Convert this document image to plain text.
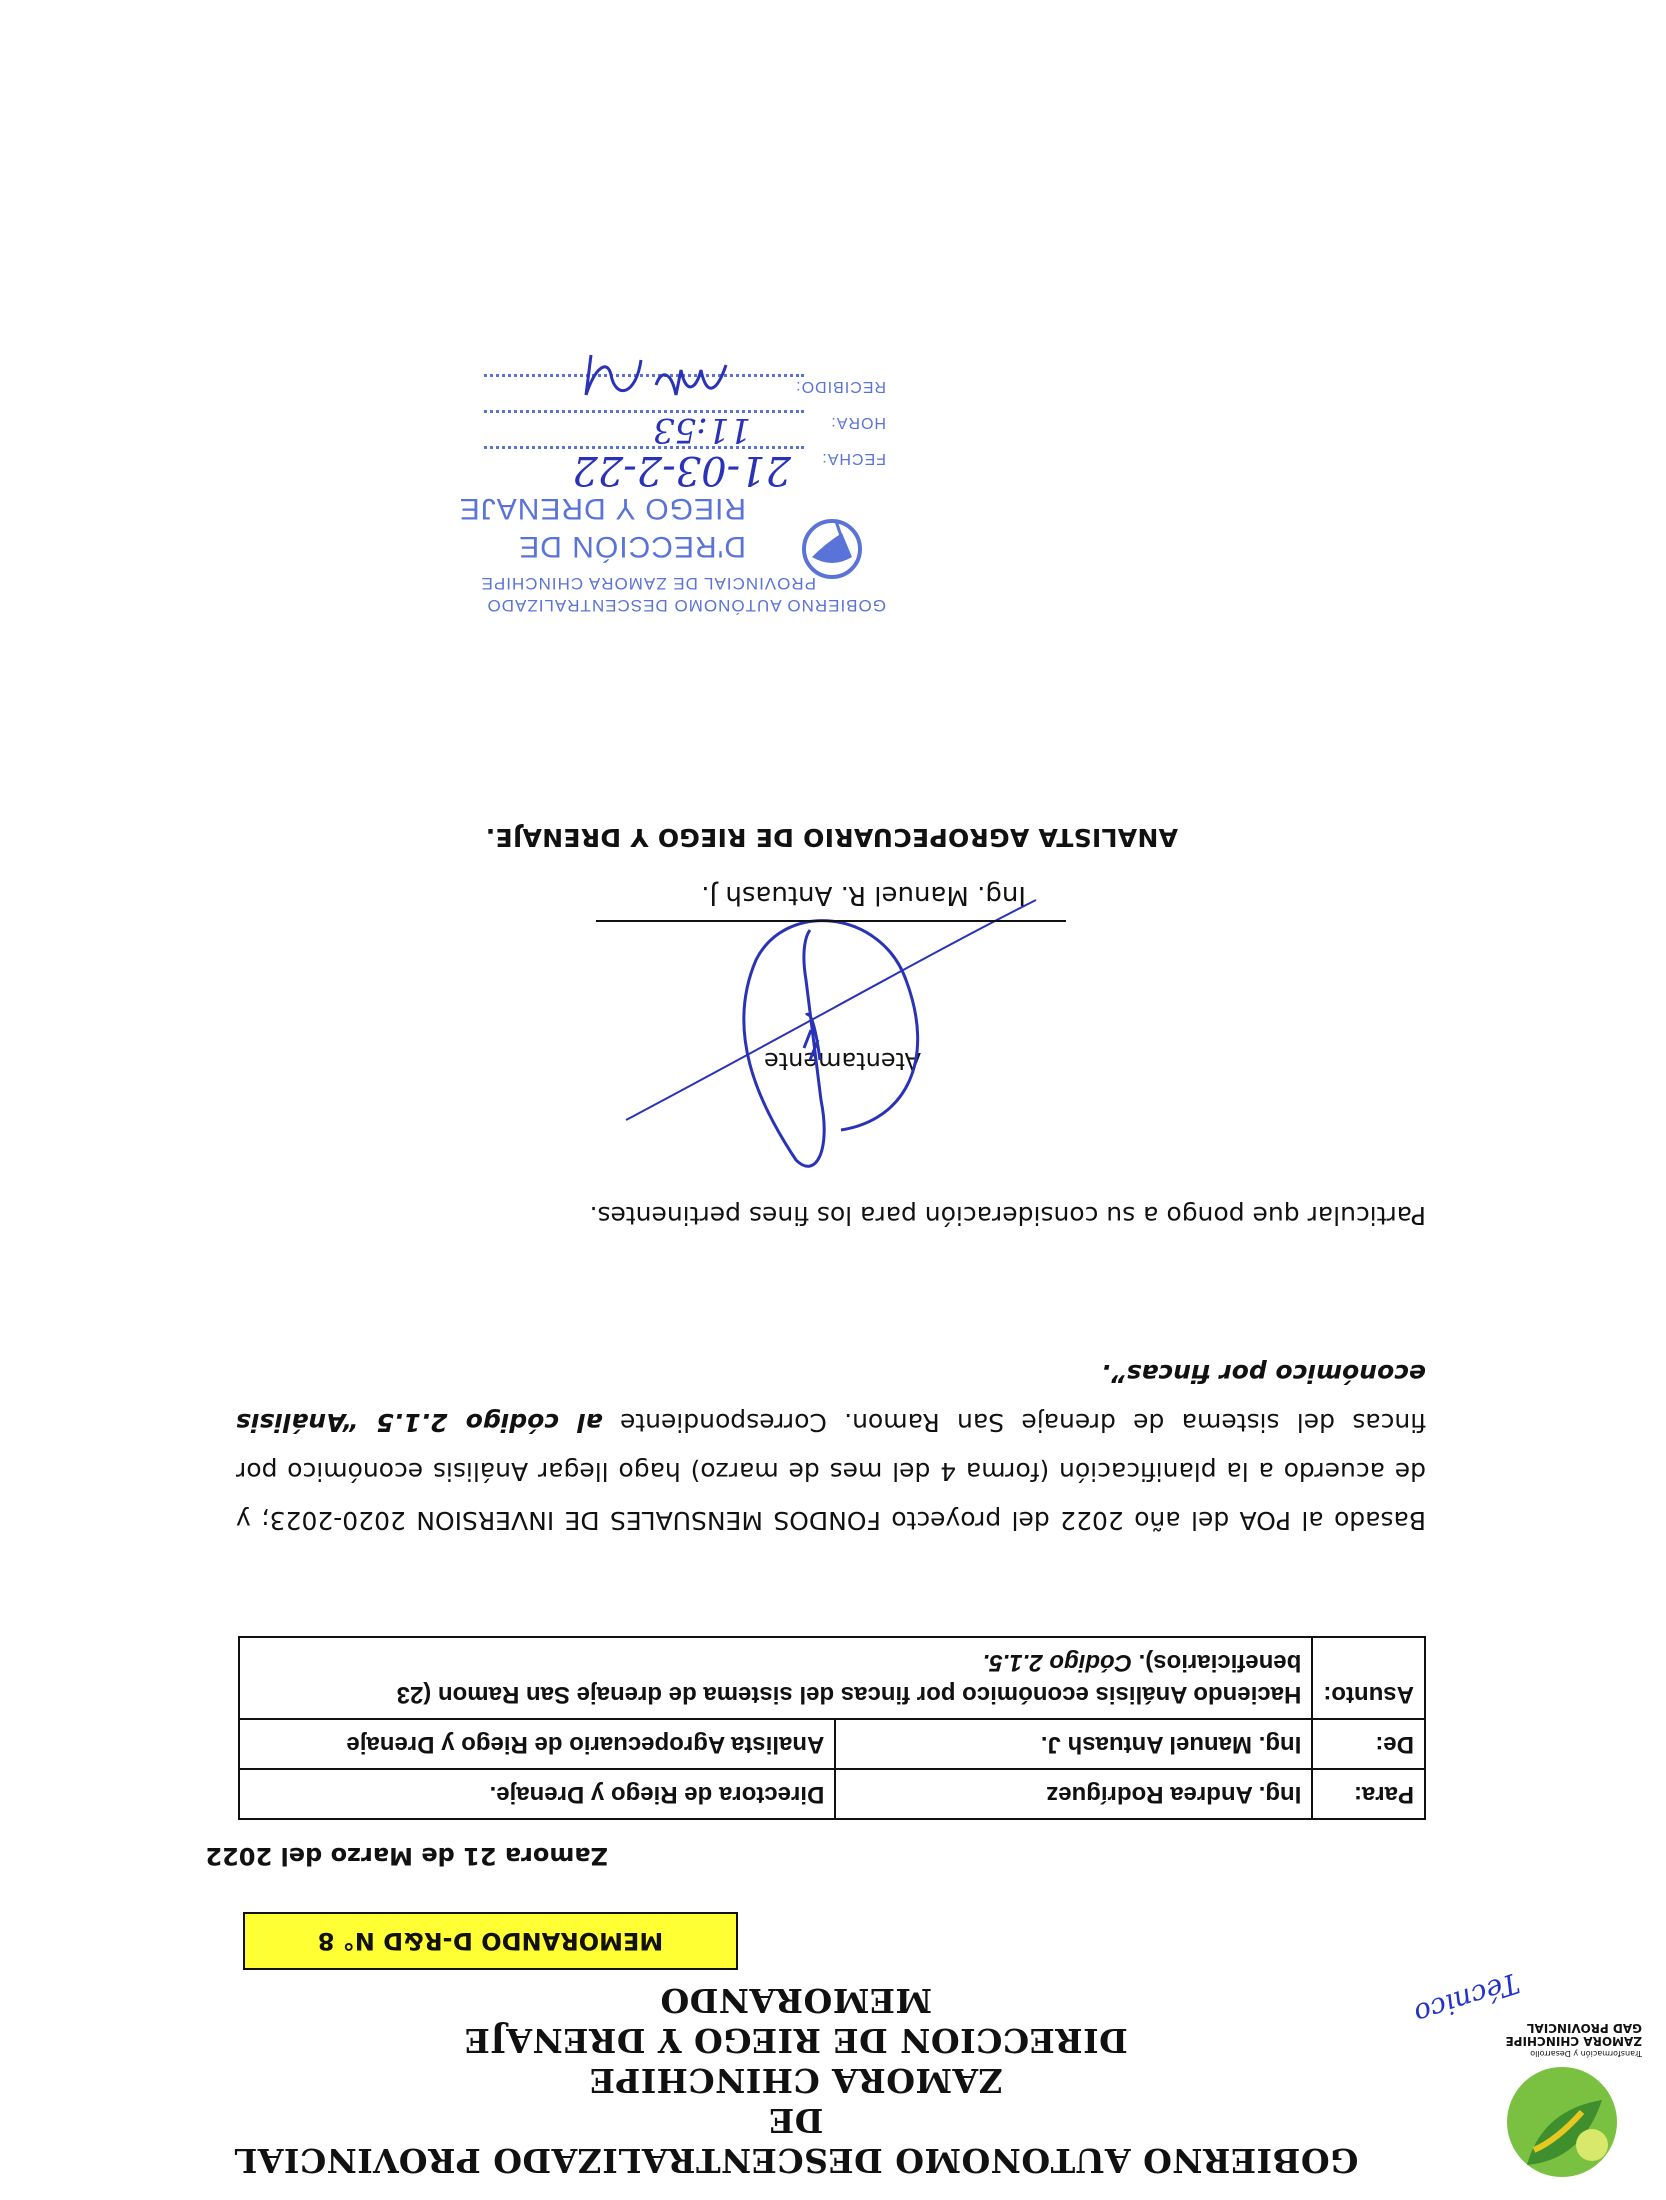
Transformación y Desarrollo
ZAMORA CHINCHIPE
GAD PROVINCIAL
Técnico
GOBIERNO AUTONOMO DESCENTRALIZADO PROVINCIAL DE
ZAMORA CHINCHIPE
DIRECCION DE RIEGO Y DRENAJE
MEMORANDO
MEMORANDO D-R&D N° 8
Zamora 21 de Marzo del 2022
Para:	Ing. Andrea Rodríguez	Directora de Riego y Drenaje.
De:	Ing. Manuel Antuash J.	Analista Agropecuario de Riego y Drenaje
Asunto:	Haciendo Análisis económico por fincas del sistema de drenaje San Ramon (23 beneficiarios). Código 2.1.5.	
Basado al POA del año 2022 del proyecto FONDOS MENSUALES DE INVERSION 2020-2023; y de acuerdo a la planificación (forma 4 del mes de marzo) hago llegar Análisis económico por fincas del sistema de drenaje San Ramon. Correspondiente al código 2.1.5 “Análisis económico por fincas”.
Particular que pongo a su consideración para los fines pertinentes.
Atentamente
Ing. Manuel R. Antuash J.
ANALISTA AGROPECUARIO DE RIEGO Y DRENAJE.
GOBIERNO AUTÓNOMO DESCENTRALIZADO
PROVINCIAL DE ZAMORA CHINCHIPE
D'RECCIÓN DE
RIEGO Y DRENAJE
FECHA:
21-03-2-22
HORA:
11:53
RECIBIDO:
